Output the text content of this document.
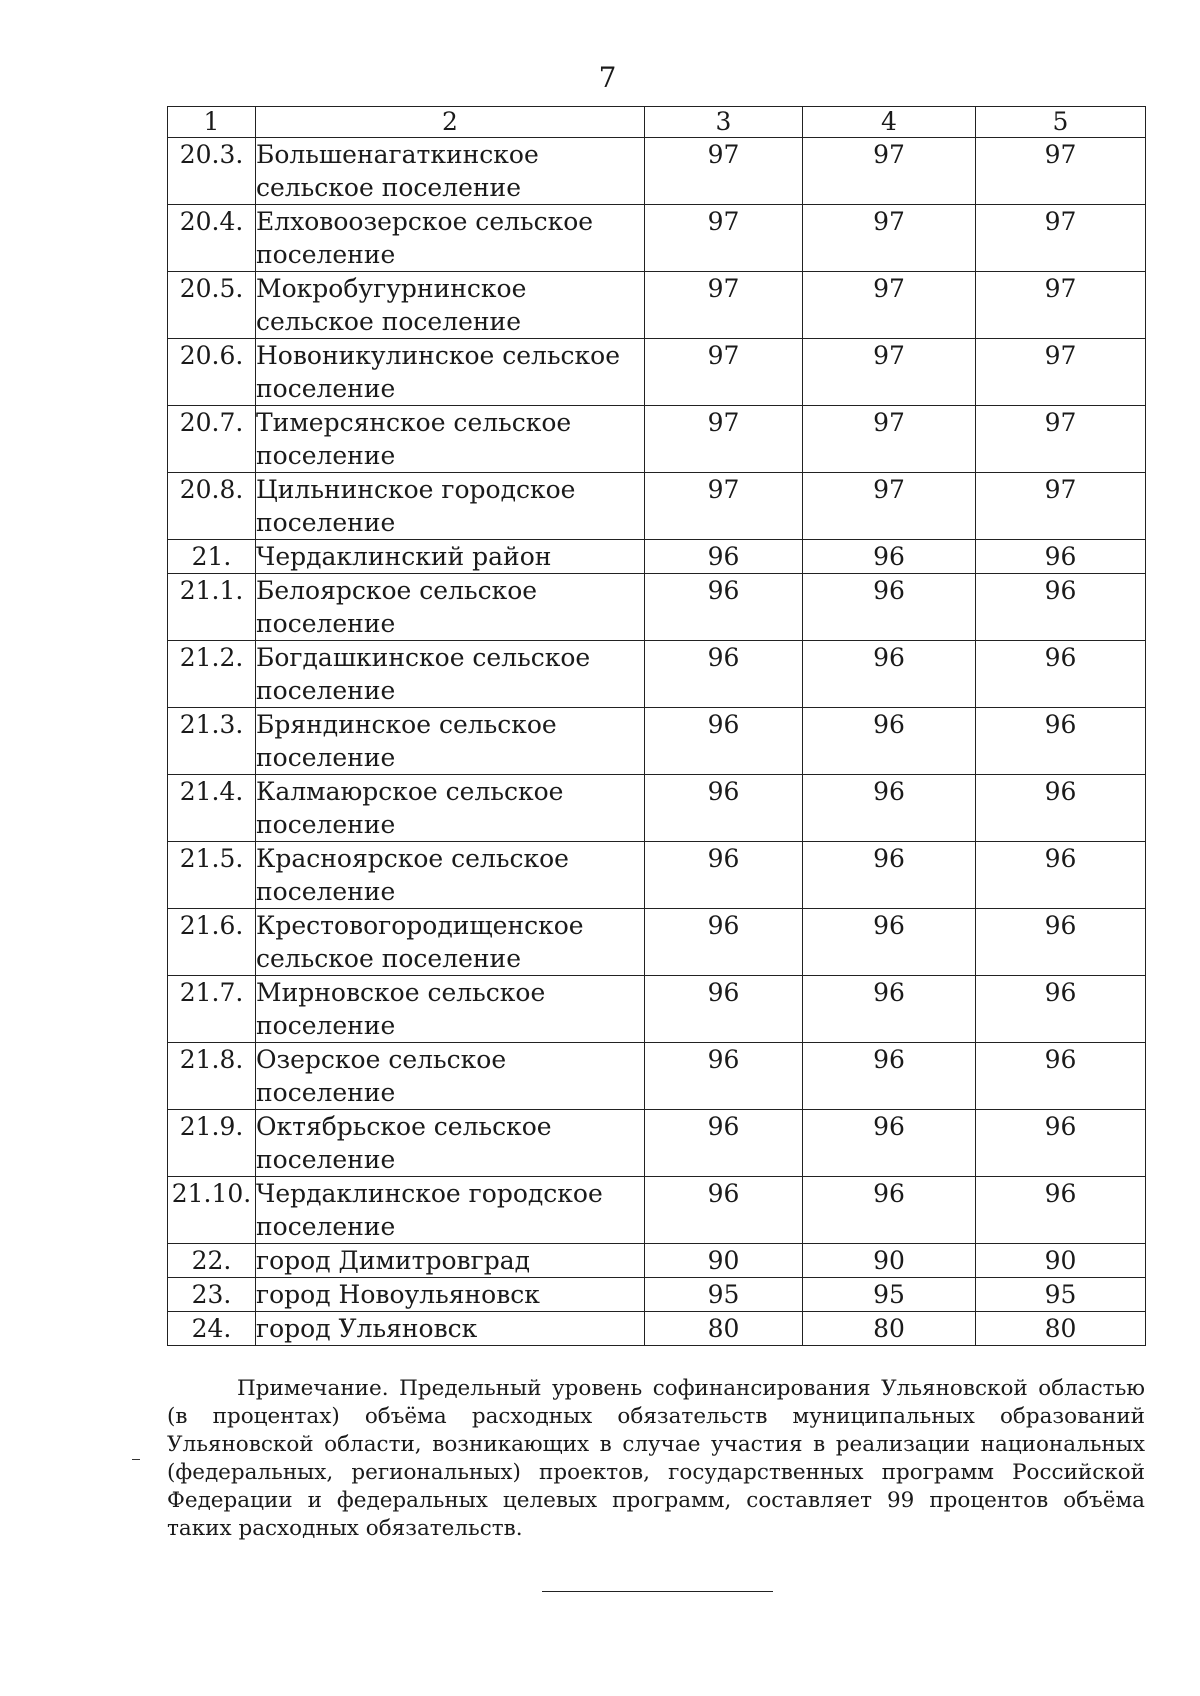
7
1	2	3	4	5
20.3.	Большенагаткинское сельское поселение	97	97	97
20.4.	Елховоозерское сельское поселение	97	97	97
20.5.	Мокробугурнинское сельское поселение	97	97	97
20.6.	Новоникулинское сельское поселение	97	97	97
20.7.	Тимерсянское сельское поселение	97	97	97
20.8.	Цильнинское городское поселение	97	97	97
21.	Чердаклинский район	96	96	96
21.1.	Белоярское сельское поселение	96	96	96
21.2.	Богдашкинское сельское поселение	96	96	96
21.3.	Бряндинское сельское поселение	96	96	96
21.4.	Калмаюрское сельское поселение	96	96	96
21.5.	Красноярское сельское поселение	96	96	96
21.6.	Крестовогородищенское сельское поселение	96	96	96
21.7.	Мирновское сельское поселение	96	96	96
21.8.	Озерское сельское поселение	96	96	96
21.9.	Октябрьское сельское поселение	96	96	96
21.10.	Чердаклинское городское поселение	96	96	96
22.	город Димитровград	90	90	90
23.	город Новоульяновск	95	95	95
24.	город Ульяновск	80	80	80

Примечание. Предельный уровень софинансирования Ульяновской областью (в процентах) объёма расходных обязательств муниципальных образований Ульяновской области, возникающих в случае участия в реализации национальных (федеральных, региональных) проектов, государственных программ Российской Федерации и федеральных целевых программ, составляет 99 процентов объёма таких расходных обязательств.
